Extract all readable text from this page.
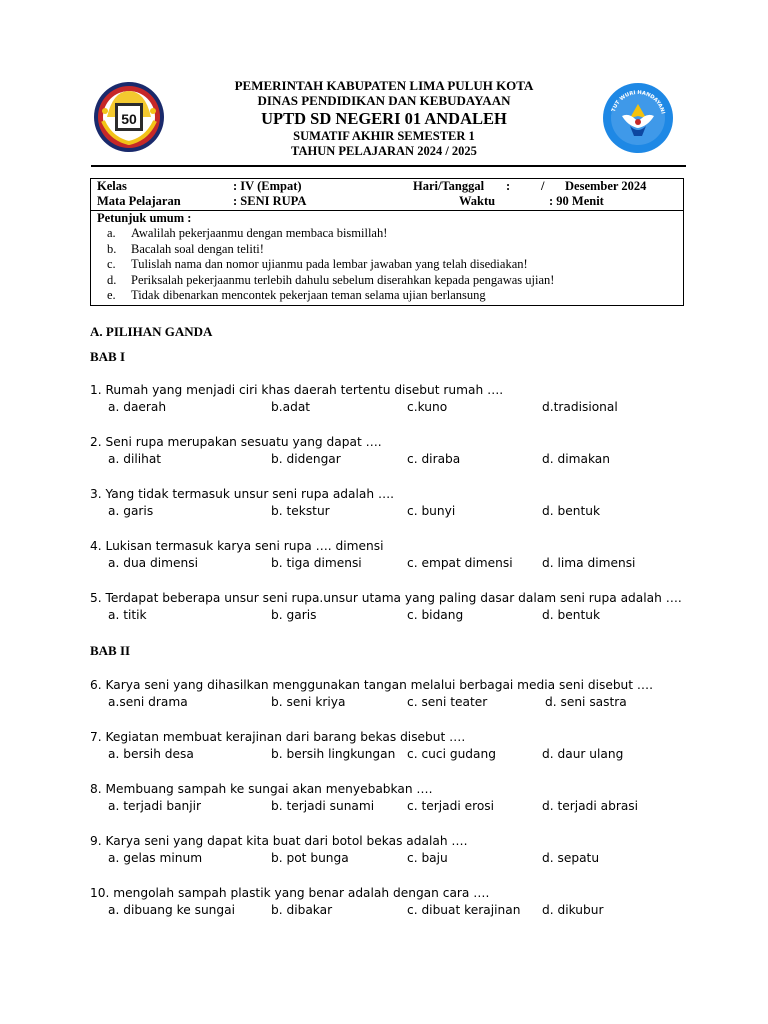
50
PEMERINTAH KABUPATEN LIMA PULUH KOTA
DINAS PENDIDIKAN DAN KEBUDAYAAN
UPTD SD NEGERI 01 ANDALEH
SUMATIF AKHIR SEMESTER 1
TAHUN PELAJARAN 2024 / 2025
TUT WURI HANDAYANI
Kelas	: IV (Empat)	Hari/Tanggal : / Desember 2024
Mata Pelajaran	: SENI RUPA	Waktu	: 90 Menit
Petunjuk umum :
a.	Awalilah pekerjaanmu dengan membaca bismillah!
b.	Bacalah soal dengan teliti!
c.	Tulislah nama dan nomor ujianmu pada lembar jawaban yang telah disediakan!
d.	Periksalah pekerjaanmu terlebih dahulu sebelum diserahkan kepada pengawas ujian!
e.	Tidak dibenarkan mencontek pekerjaan teman selama ujian berlansung
A. PILIHAN GANDA
BAB I
BAB II
1. Rumah yang menjadi ciri khas daerah tertentu disebut rumah ….
a. daerah	b.adat	c.kuno	d.tradisional
2. Seni rupa merupakan sesuatu yang dapat ….
a. dilihat	b. didengar	c. diraba	d. dimakan
3. Yang tidak termasuk unsur seni rupa adalah ….
a. garis	b. tekstur	c. bunyi	d. bentuk
4. Lukisan termasuk karya seni rupa …. dimensi
a. dua dimensi	b. tiga dimensi	c. empat dimensi d. lima dimensi
5. Terdapat beberapa unsur seni rupa.unsur utama yang paling dasar dalam seni rupa adalah ….
a. titik	b. garis	c. bidang	d. bentuk
6. Karya seni yang dihasilkan menggunakan tangan melalui berbagai media seni disebut ….
a.seni drama	b. seni kriya	c. seni teater	d. seni sastra
7. Kegiatan membuat kerajinan dari barang bekas disebut ….
a. bersih desa	b. bersih lingkungan c. cuci gudang	d. daur ulang
8. Membuang sampah ke sungai akan menyebabkan ….
a. terjadi banjir	b. terjadi sunami	c. terjadi erosi	d. terjadi abrasi
9. Karya seni yang dapat kita buat dari botol bekas adalah ….
a. gelas minum	b. pot bunga	c. baju	d. sepatu
10. mengolah sampah plastik yang benar adalah dengan cara ….
a. dibuang ke sungai	b. dibakar	c. dibuat kerajinan d. dikubur
